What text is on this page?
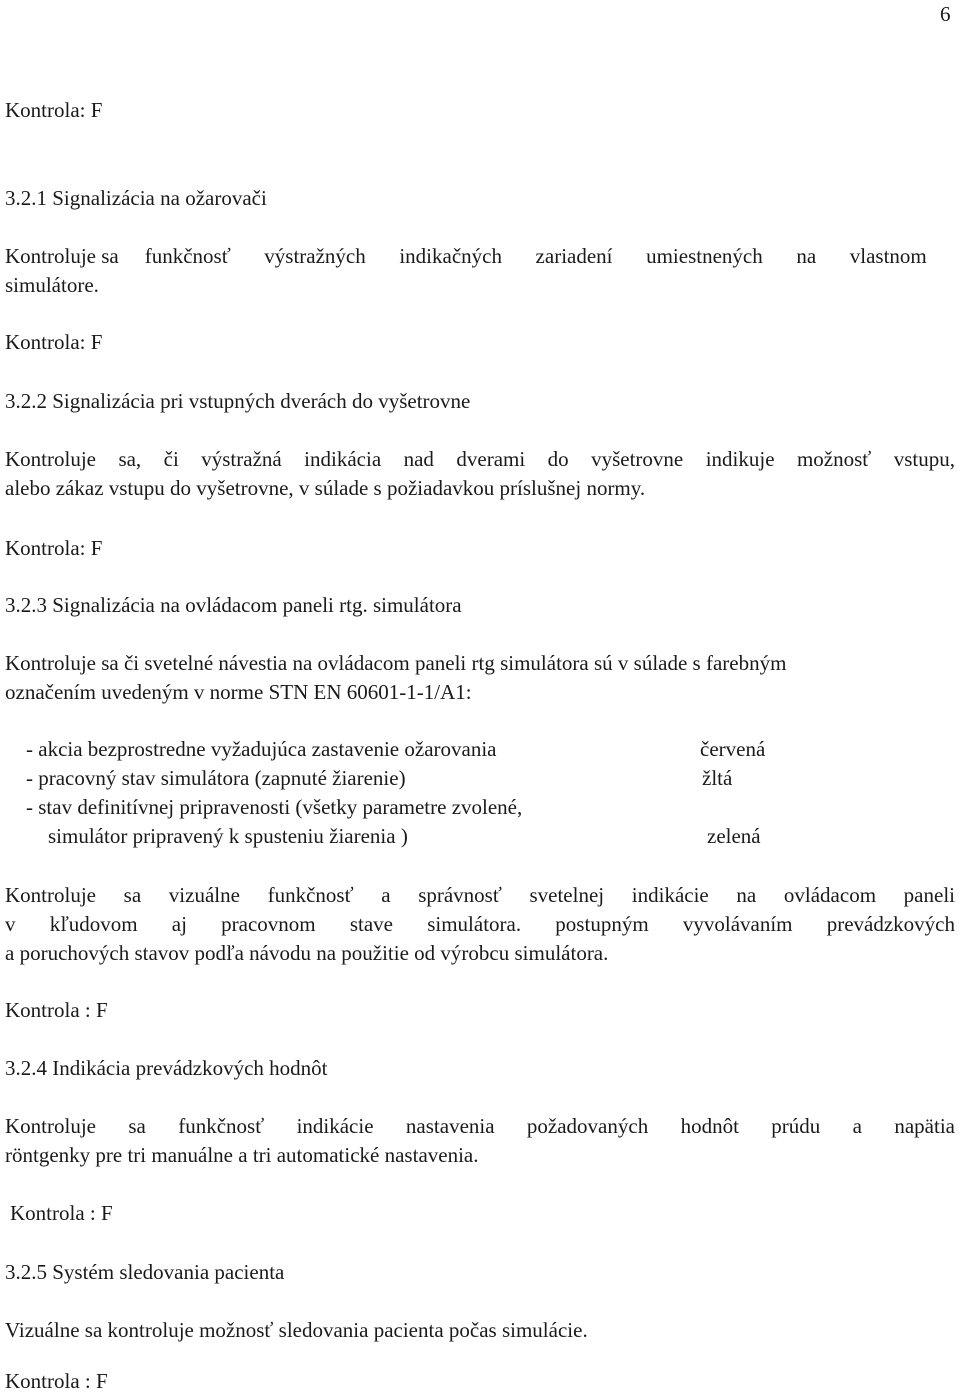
6
Kontrola: F
3.2.1 Signalizácia na ožarovači
Kontroluje sa funkčnosť výstražných indikačných zariadení umiestnených na vlastnom
simulátore.
Kontrola: F
3.2.2 Signalizácia pri vstupných dverách do vyšetrovne
Kontroluje sa, či výstražná indikácia nad dverami do vyšetrovne indikuje možnosť vstupu,
alebo zákaz vstupu do vyšetrovne, v súlade s požiadavkou príslušnej normy.
Kontrola: F
3.2.3 Signalizácia na ovládacom paneli rtg. simulátora
Kontroluje sa či svetelné návestia na ovládacom paneli rtg simulátora sú v súlade s farebným
označením uvedeným v norme STN EN 60601-1-1/A1:
- akcia bezprostredne vyžadujúca zastavenie ožarovania	červená
- pracovný stav simulátora (zapnuté žiarenie)	žltá
- stav definitívnej pripravenosti (všetky parametre zvolené,
simulátor pripravený k spusteniu žiarenia )	zelená
Kontroluje sa vizuálne funkčnosť a správnosť svetelnej indikácie na ovládacom paneli
v kľudovom aj pracovnom stave simulátora. postupným vyvolávaním prevádzkových
a poruchových stavov podľa návodu na použitie od výrobcu simulátora.
Kontrola : F
3.2.4 Indikácia prevádzkových hodnôt
Kontroluje sa funkčnosť indikácie nastavenia požadovaných hodnôt prúdu a napätia
röntgenky pre tri manuálne a tri automatické nastavenia.
Kontrola : F
3.2.5 Systém sledovania pacienta
Vizuálne sa kontroluje možnosť sledovania pacienta počas simulácie.
Kontrola : F
